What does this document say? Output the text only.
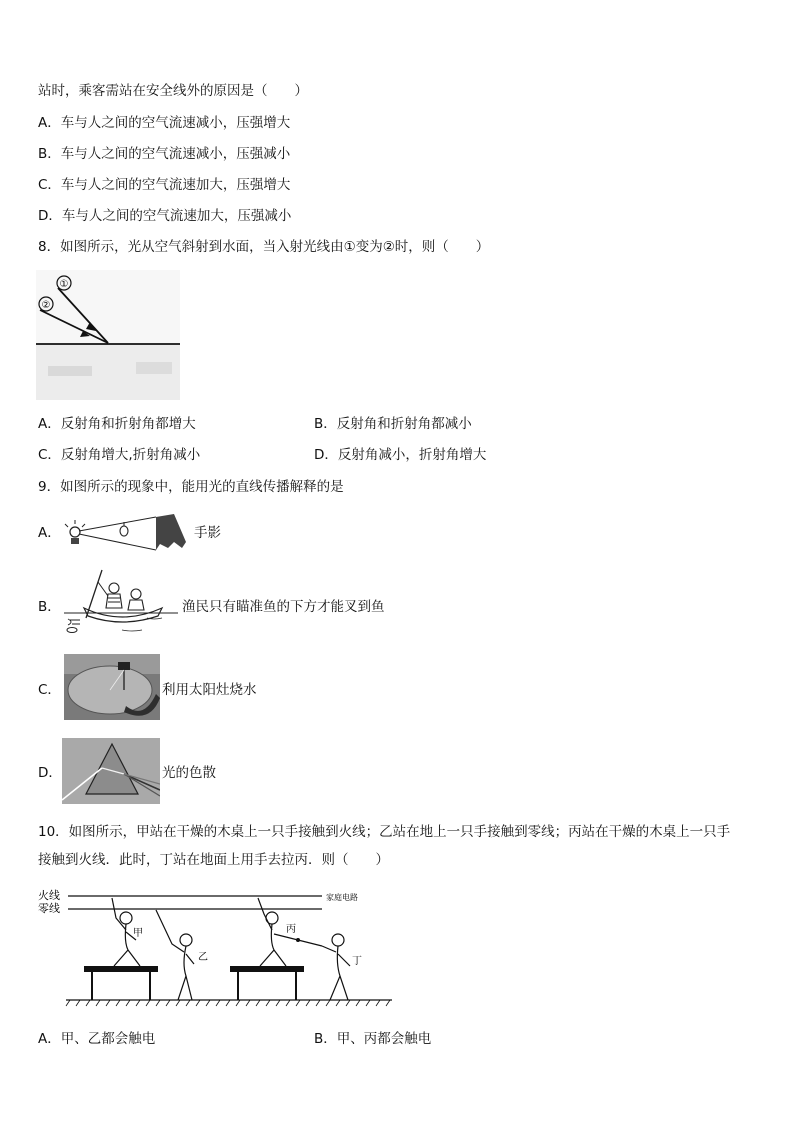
站时，乘客需站在安全线外的原因是（　　）
A．车与人之间的空气流速减小，压强增大
B．车与人之间的空气流速减小，压强减小
C．车与人之间的空气流速加大，压强增大
D．车与人之间的空气流速加大，压强减小
8．如图所示，光从空气斜射到水面，当入射光线由①变为②时，则（　　）
①
②
A．反射角和折射角都增大	B．反射角和折射角都减小
C．反射角增大,折射角减小	D．反射角减小，折射角增大
9．如图所示的现象中，能用光的直线传播解释的是
A．	手影
B．	渔民只有瞄准鱼的下方才能叉到鱼
C．	利用太阳灶烧水
D．	光的色散
10．如图所示，甲站在干燥的木桌上一只手接触到火线；乙站在地上一只手接触到零线；丙站在干燥的木桌上一只手
接触到火线．此时，丁站在地面上用手去拉丙．则（　　）
火线
零线
家庭电路
甲
乙
丙
丁
A．甲、乙都会触电	B．甲、丙都会触电
